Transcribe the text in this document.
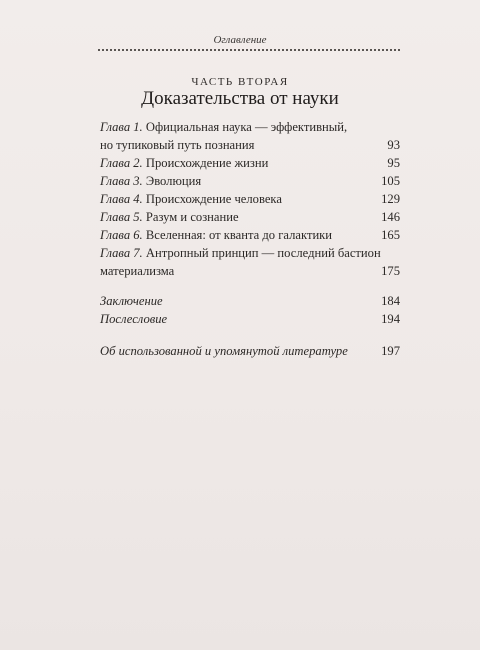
Оглавление
ЧАСТЬ ВТОРАЯ
Доказательства от науки
Глава 1. Официальная наука — эффективный,
но тупиковый путь познания	93
Глава 2. Происхождение жизни	95
Глава 3. Эволюция	105
Глава 4. Происхождение человека	129
Глава 5. Разум и сознание	146
Глава 6. Вселенная: от кванта до галактики	165
Глава 7. Антропный принцип — последний бастион
материализма	175
Заключение	184
Послесловие	194
Об использованной и упомянутой литературе	197
